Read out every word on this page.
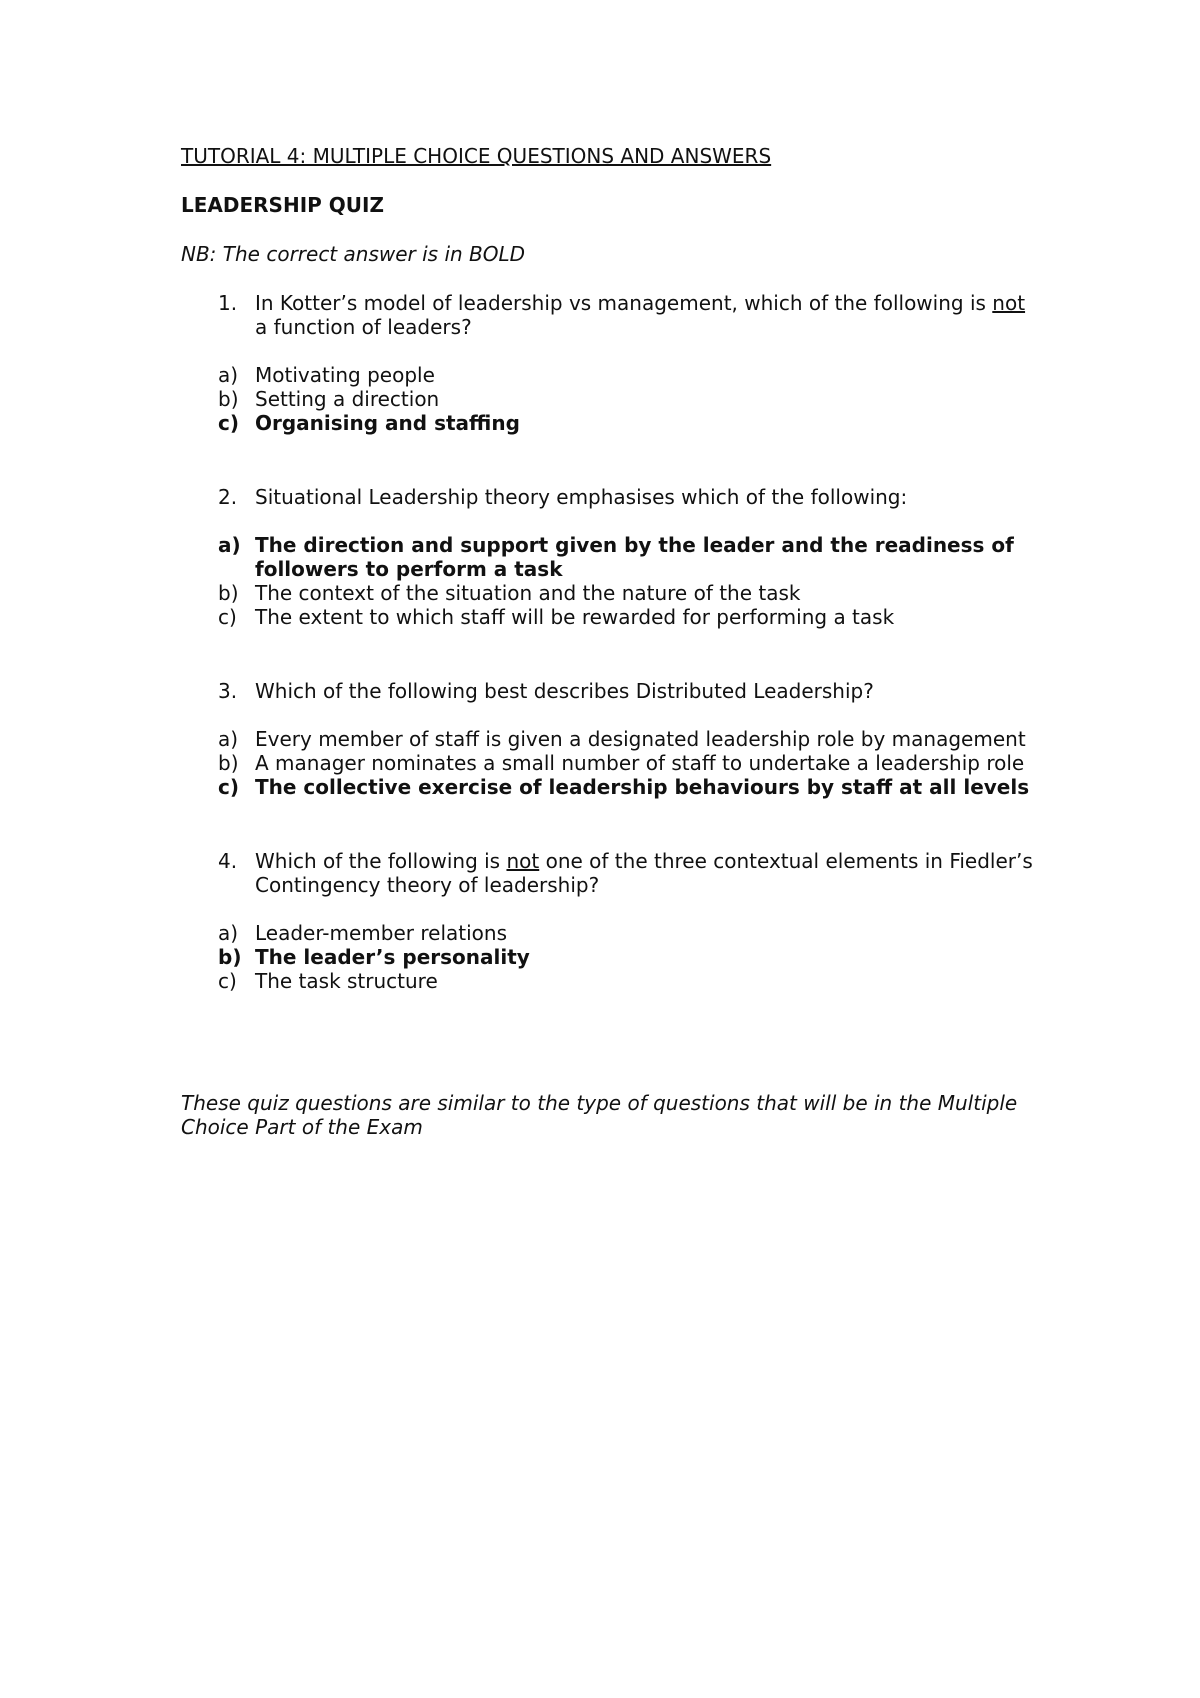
TUTORIAL 4: MULTIPLE CHOICE QUESTIONS AND ANSWERS

LEADERSHIP QUIZ

NB: The correct answer is in BOLD

1. In Kotter’s model of leadership vs management, which of the following is not a function of leaders?
a) Motivating people
b) Setting a direction
c) Organising and staffing
2. Situational Leadership theory emphasises which of the following:
a) The direction and support given by the leader and the readiness of followers to perform a task
b) The context of the situation and the nature of the task
c) The extent to which staff will be rewarded for performing a task
3. Which of the following best describes Distributed Leadership?
a) Every member of staff is given a designated leadership role by management
b) A manager nominates a small number of staff to undertake a leadership role
c) The collective exercise of leadership behaviours by staff at all levels
4. Which of the following is not one of the three contextual elements in Fiedler’s Contingency theory of leadership?
a) Leader-member relations
b) The leader’s personality
c) The task structure

These quiz questions are similar to the type of questions that will be in the Multiple Choice Part of the Exam
